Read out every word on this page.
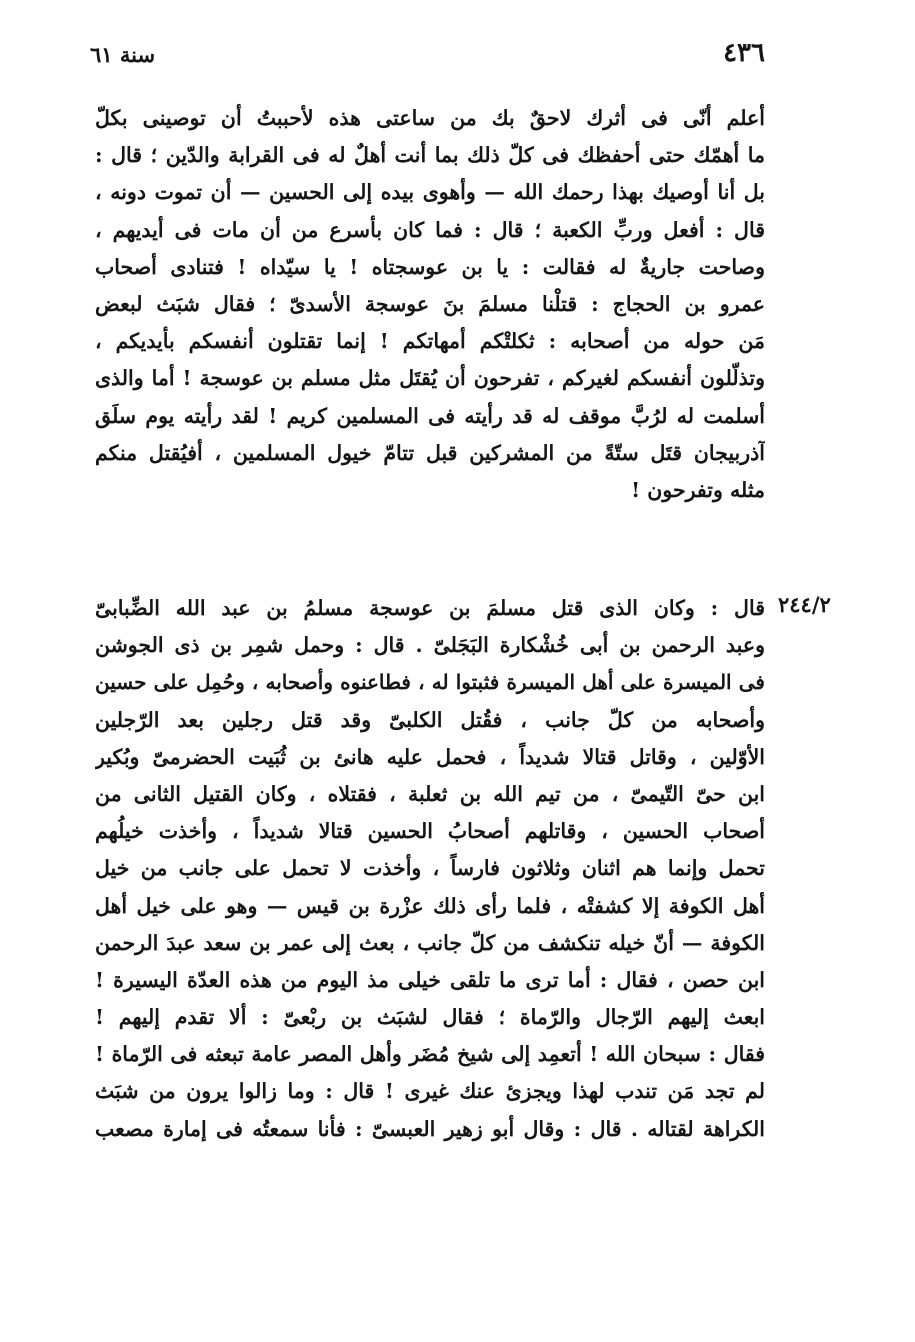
٤٣٦
سنة ٦١
أعلم أنّى فى أثرك لاحقٌ بك من ساعتى هذه لأحببتُ أن توصينى بكلّ
ما أهمّك حتى أحفظك فى كلّ ذلك بما أنت أهلٌ له فى القرابة والدّين ؛ قال :
بل أنا أوصيك بهذا رحمك الله — وأهوى بيده إلى الحسين — أن تموت دونه ،
قال : أفعل وربِّ الكعبة ؛ قال : فما كان بأسرع من أن مات فى أيديهم ،
وصاحت جاريةٌ له فقالت : يا بن عوسجتاه ! يا سيّداه ! فتنادى أصحاب
عمرو بن الحجاج : قتلْنا مسلمَ بنَ عوسجة الأسدىّ ؛ فقال شبَث لبعض
مَن حوله من أصحابه : ثكلتْكم أمهاتكم ! إنما تقتلون أنفسكم بأيديكم ،
وتذلّلون أنفسكم لغيركم ، تفرحون أن يُقتَل مثل مسلم بن عوسجة ! أما والذى
أسلمت له لرُبَّ موقف له قد رأيته فى المسلمين كريم ! لقد رأيته يوم سلَق
آذربيجان قتَل ستّةً من المشركين قبل تتامّ خيول المسلمين ، أفيُقتل منكم
مثله وتفرحون !
٢٤٤/٢
قال : وكان الذى قتل مسلمَ بن عوسجة مسلمُ بن عبد الله الضِّبابىّ
وعبد الرحمن بن أبى خُشْكارة البَجَلىّ . قال : وحمل شمِر بن ذى الجوشن
فى الميسرة على أهل الميسرة فثبتوا له ، فطاعنوه وأصحابه ، وحُمِل على حسين
وأصحابه من كلّ جانب ، فقُتل الكلبىّ وقد قتل رجلين بعد الرّجلين
الأوّلين ، وقاتل قتالا شديداً ، فحمل عليه هانئ بن ثُبَيت الحضرمىّ وبُكير
ابن حىّ التّيمىّ ، من تيم الله بن ثعلبة ، فقتلاه ، وكان القتيل الثانى من
أصحاب الحسين ، وقاتلهم أصحابُ الحسين قتالا شديداً ، وأخذت خيلُهم
تحمل وإنما هم اثنان وثلاثون فارساً ، وأخذت لا تحمل على جانب من خيل
أهل الكوفة إلا كشفتْه ، فلما رأى ذلك عزْرة بن قيس — وهو على خيل أهل
الكوفة — أنّ خيله تنكشف من كلّ جانب ، بعث إلى عمر بن سعد عبدَ الرحمن
ابن حصن ، فقال : أما ترى ما تلقى خيلى مذ اليوم من هذه العدّة اليسيرة !
ابعث إليهم الرّجال والرّماة ؛ فقال لشبَث بن ربْعىّ : ألا تقدم إليهم !
فقال : سبحان الله ! أتعمِد إلى شيخ مُضَر وأهل المصر عامة تبعثه فى الرّماة !
لم تجد مَن تندب لهذا ويجزئ عنك غيرى ! قال : وما زالوا يرون من شبَث
الكراهة لقتاله . قال : وقال أبو زهير العبسىّ : فأنا سمعتُه فى إمارة مصعب
